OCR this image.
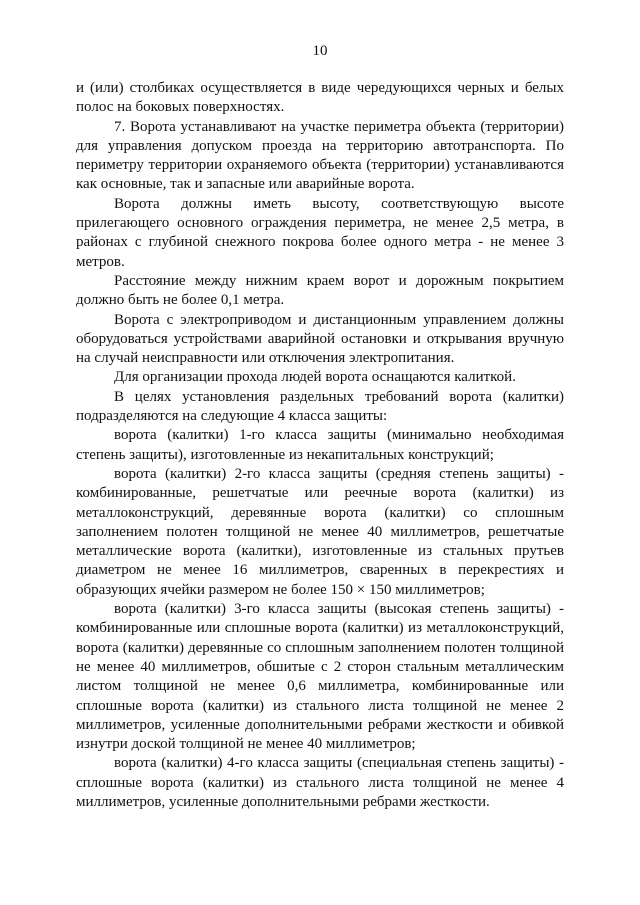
10

и (или) столбиках осуществляется в виде чередующихся черных и белых полос на боковых поверхностях.

7. Ворота устанавливают на участке периметра объекта (территории) для управления допуском проезда на территорию автотранспорта. По периметру территории охраняемого объекта (территории) устанавливаются как основные, так и запасные или аварийные ворота.

Ворота должны иметь высоту, соответствующую высоте прилегающего основного ограждения периметра, не менее 2,5 метра, в районах с глубиной снежного покрова более одного метра - не менее 3 метров.

Расстояние между нижним краем ворот и дорожным покрытием должно быть не более 0,1 метра.

Ворота с электроприводом и дистанционным управлением должны оборудоваться устройствами аварийной остановки и открывания вручную на случай неисправности или отключения электропитания.

Для организации прохода людей ворота оснащаются калиткой.

В целях установления раздельных требований ворота (калитки) подразделяются на следующие 4 класса защиты:

ворота (калитки) 1-го класса защиты (минимально необходимая степень защиты), изготовленные из некапитальных конструкций;

ворота (калитки) 2-го класса защиты (средняя степень защиты) - комбинированные, решетчатые или реечные ворота (калитки) из металлоконструкций, деревянные ворота (калитки) со сплошным заполнением полотен толщиной не менее 40 миллиметров, решетчатые металлические ворота (калитки), изготовленные из стальных прутьев диаметром не менее 16 миллиметров, сваренных в перекрестиях и образующих ячейки размером не более 150 × 150 миллиметров;

ворота (калитки) 3-го класса защиты (высокая степень защиты) - комбинированные или сплошные ворота (калитки) из металлоконструкций, ворота (калитки) деревянные со сплошным заполнением полотен толщиной не менее 40 миллиметров, обшитые с 2 сторон стальным металлическим листом толщиной не менее 0,6 миллиметра, комбинированные или сплошные ворота (калитки) из стального листа толщиной не менее 2 миллиметров, усиленные дополнительными ребрами жесткости и обивкой изнутри доской толщиной не менее 40 миллиметров;

ворота (калитки) 4-го класса защиты (специальная степень защиты) - сплошные ворота (калитки) из стального листа толщиной не менее 4 миллиметров, усиленные дополнительными ребрами жесткости.
